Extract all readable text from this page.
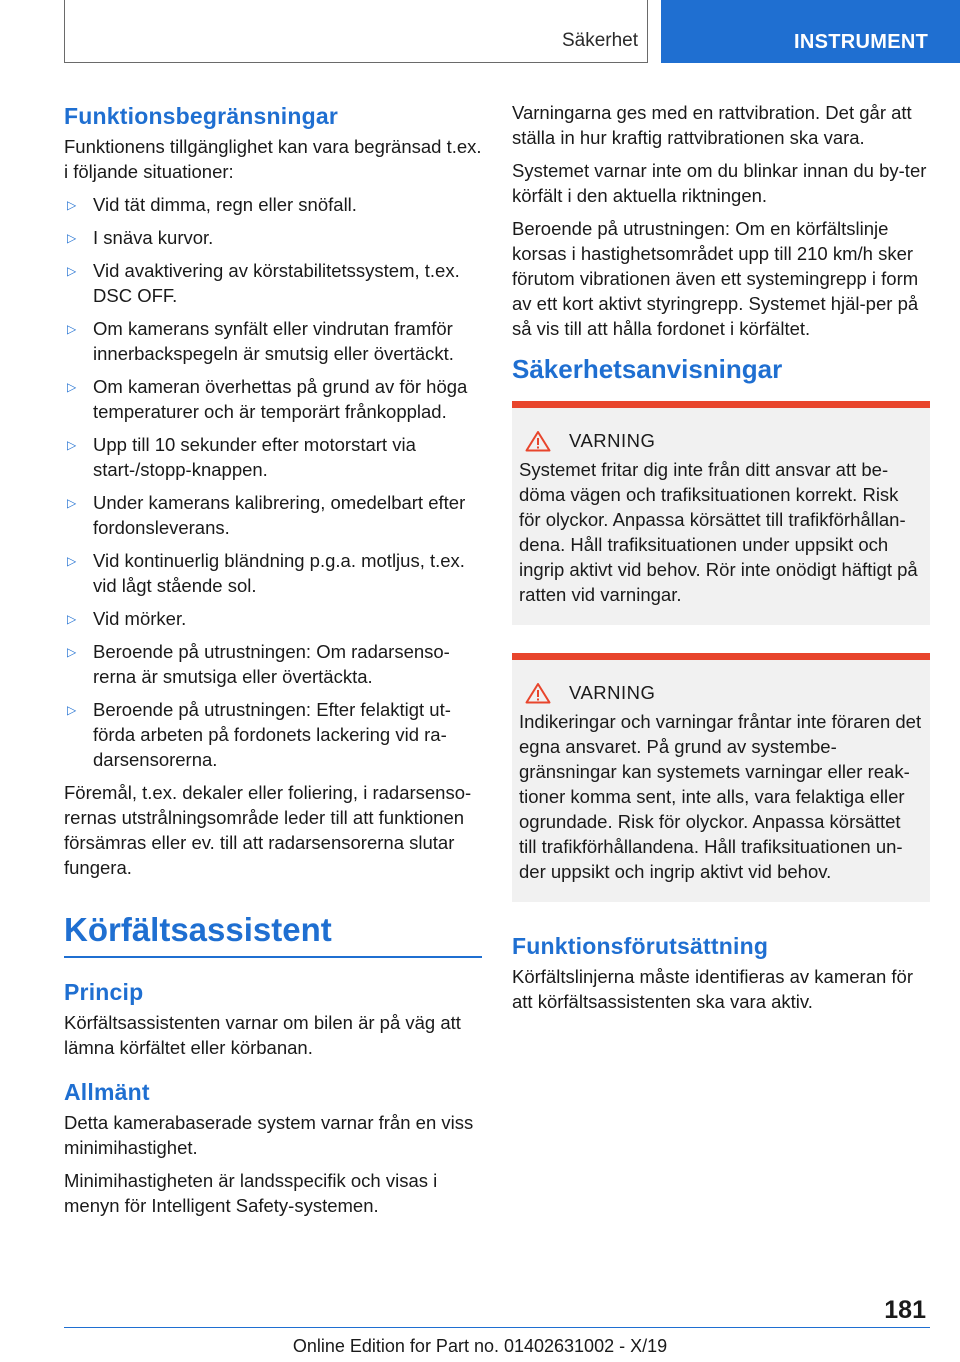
Säkerhet	INSTRUMENT
Funktionsbegränsningar

Funktionens tillgänglighet kan vara begränsad t.ex. i följande situationer:

▷ Vid tät dimma, regn eller snöfall.
▷ I snäva kurvor.
▷ Vid avaktivering av körstabilitetssystem, t.ex. DSC OFF.
▷ Om kamerans synfält eller vindrutan framför innerbackspegeln är smutsig eller övertäckt.
▷ Om kameran överhettas på grund av för höga temperaturer och är temporärt frånkopplad.
▷ Upp till 10 sekunder efter motorstart via start-/stopp-knappen.
▷ Under kamerans kalibrering, omedelbart efter fordonsleverans.
▷ Vid kontinuerlig bländning p.g.a. motljus, t.ex. vid lågt stående sol.
▷ Vid mörker.
▷ Beroende på utrustningen: Om radarsenso-rerna är smutsiga eller övertäckta.
▷ Beroende på utrustningen: Efter felaktigt ut-förda arbeten på fordonets lackering vid ra-darsensorerna.

Föremål, t.ex. dekaler eller foliering, i radarsenso-rernas utstrålningsområde leder till att funktionen försämras eller ev. till att radarsensorerna slutar fungera.

Körfältsassistent
Princip

Körfältsassistenten varnar om bilen är på väg att lämna körfältet eller körbanan.

Allmänt

Detta kamerabaserade system varnar från en viss minimihastighet.

Minimihastigheten är landsspecifik och visas i menyn för Intelligent Safety-systemen.

Varningarna ges med en rattvibration. Det går att ställa in hur kraftig rattvibrationen ska vara.

Systemet varnar inte om du blinkar innan du by-ter körfält i den aktuella riktningen.

Beroende på utrustningen: Om en körfältslinje korsas i hastighetsområdet upp till 210 km/h sker förutom vibrationen även ett systemingrepp i form av ett kort aktivt styringrepp. Systemet hjäl-per på så vis till att hålla fordonet i körfältet.

Säkerhetsanvisningar
VARNING

Systemet fritar dig inte från ditt ansvar att be-döma vägen och trafiksituationen korrekt. Risk för olyckor. Anpassa körsättet till trafikförhållan-dena. Håll trafiksituationen under uppsikt och ingrip aktivt vid behov. Rör inte onödigt häftigt på ratten vid varningar.

VARNING

Indikeringar och varningar fråntar inte föraren det egna ansvaret. På grund av systembe-gränsningar kan systemets varningar eller reak-tioner komma sent, inte alls, vara felaktiga eller ogrundade. Risk för olyckor. Anpassa körsättet till trafikförhållandena. Håll trafiksituationen un-der uppsikt och ingrip aktivt vid behov.

Funktionsförutsättning

Körfältslinjerna måste identifieras av kameran för att körfältsassistenten ska vara aktiv.

181
Online Edition for Part no. 01402631002 - X/19
